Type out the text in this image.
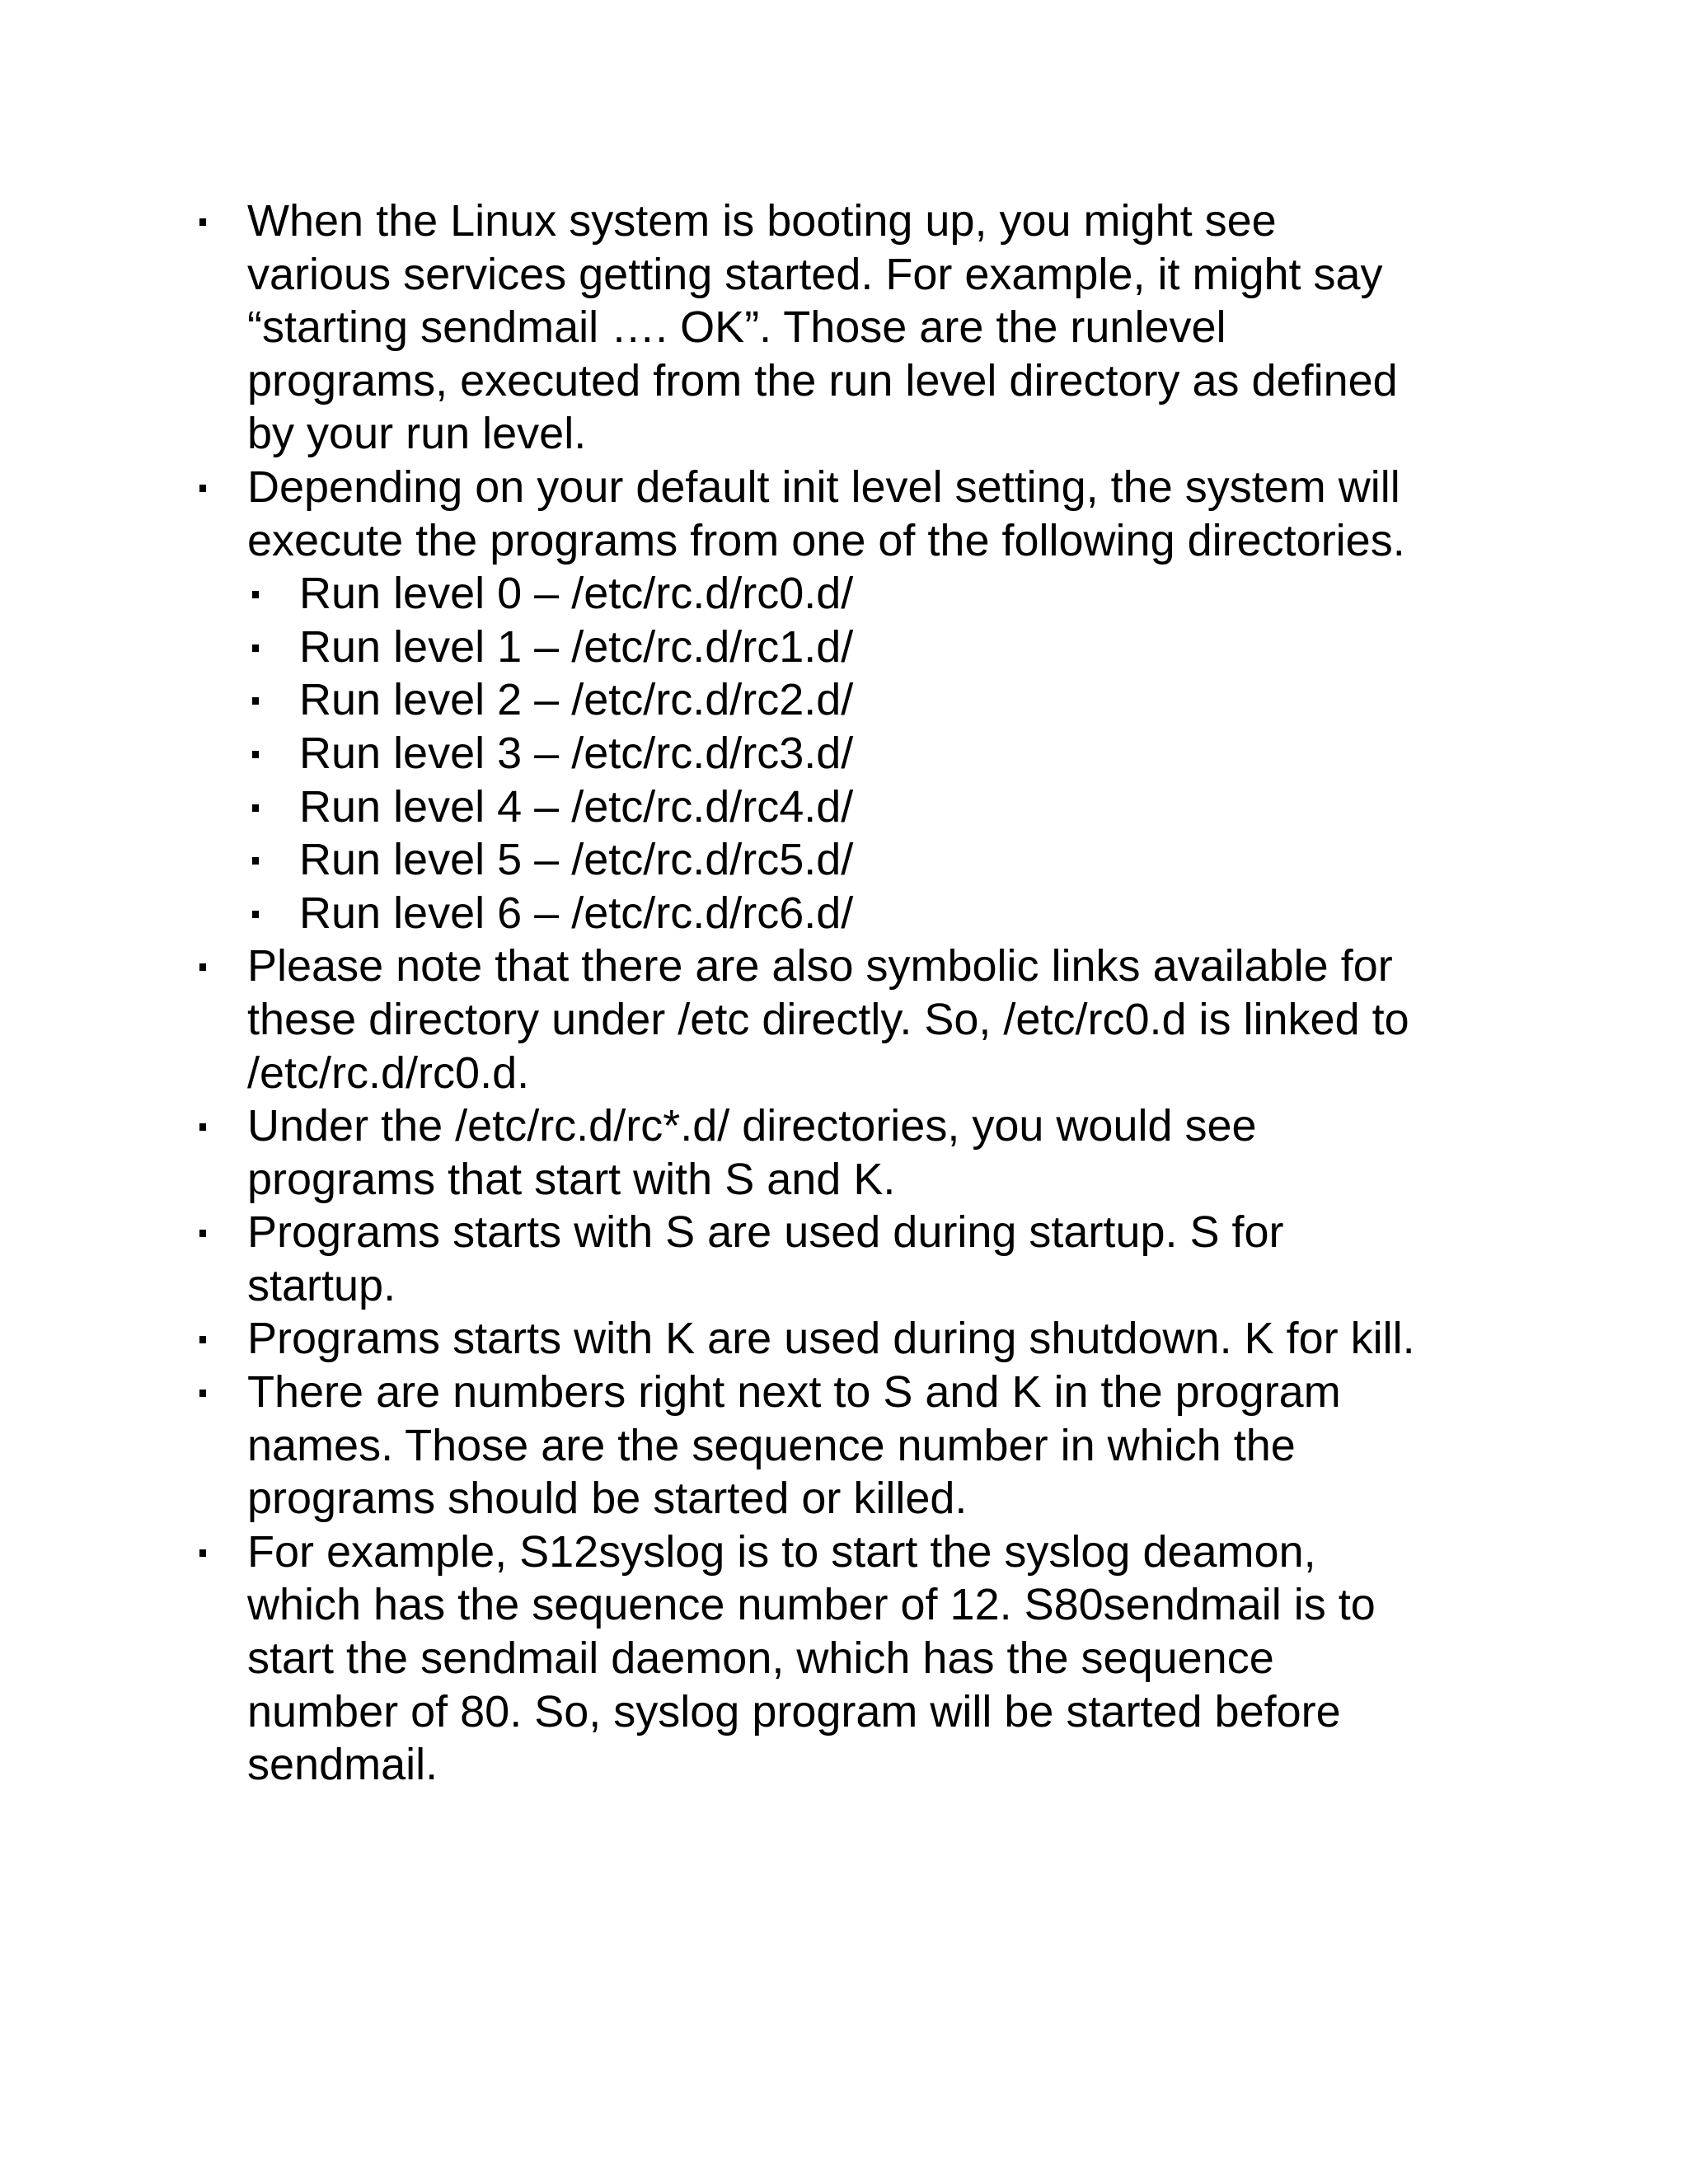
When the Linux system is booting up, you might see
various services getting started. For example, it might say
“starting sendmail …. OK”. Those are the runlevel
programs, executed from the run level directory as defined
by your run level.
Depending on your default init level setting, the system will
execute the programs from one of the following directories.
Run level 0 – /etc/rc.d/rc0.d/
Run level 1 – /etc/rc.d/rc1.d/
Run level 2 – /etc/rc.d/rc2.d/
Run level 3 – /etc/rc.d/rc3.d/
Run level 4 – /etc/rc.d/rc4.d/
Run level 5 – /etc/rc.d/rc5.d/
Run level 6 – /etc/rc.d/rc6.d/
Please note that there are also symbolic links available for
these directory under /etc directly. So, /etc/rc0.d is linked to
/etc/rc.d/rc0.d.
Under the /etc/rc.d/rc*.d/ directories, you would see
programs that start with S and K.
Programs starts with S are used during startup. S for
startup.
Programs starts with K are used during shutdown. K for kill.
There are numbers right next to S and K in the program
names. Those are the sequence number in which the
programs should be started or killed.
For example, S12syslog is to start the syslog deamon,
which has the sequence number of 12. S80sendmail is to
start the sendmail daemon, which has the sequence
number of 80. So, syslog program will be started before
sendmail.
